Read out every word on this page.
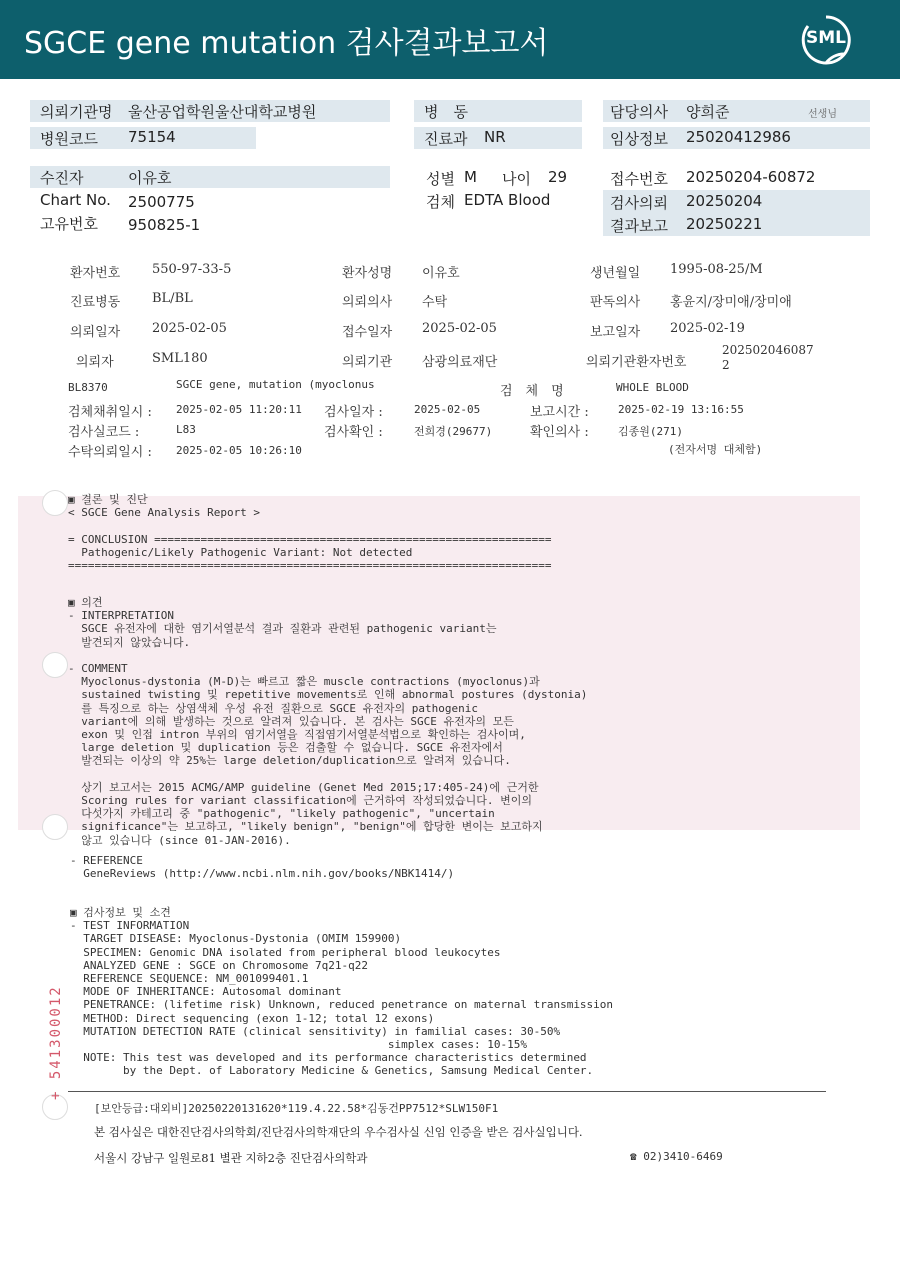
SGCE gene mutation 검사결과보고서	SML
의뢰기관명 울산공업학원울산대학교병원
병원코드 75154
병　동
진료과 NR
담당의사 양희준	선생님
임상정보 25020412986
수진자	이유호
Chart No. 2500775
고유번호 950825-1
성별 M 나이 29
검체 EDTA Blood
접수번호 20250204-60872
검사의뢰 20250204
결과보고 20250221
환자번호 550-97-33-5	환자성명 이유호	생년월일 1995-08-25/M
진료병동 BL/BL	의뢰의사 수탁	판독의사 홍윤지/장미애/장미애
의뢰일자 2025-02-05	접수일자 2025-02-05	보고일자 2025-02-19
의뢰자	SML180	의뢰기관 삼광의료재단	의뢰기관환자번호
202502046087
2
BL8370	SGCE gene, mutation (myoclonus	검　체　명	WHOLE BLOOD
검체채취일시 : 2025-02-05 11:20:11 검사일자 :	2025-02-05	보고시간 :	2025-02-19 13:16:55
검사실코드 :	L83	검사확인 :	전희경(29677)	확인의사 :	김종원(271)
수탁의뢰일시 : 2025-02-05 10:26:10	(전자서명 대체함)
▣ 결론 및 진단
< SGCE Gene Analysis Report >

= CONCLUSION ============================================================
Pathogenic/Likely Pathogenic Variant: Not detected
=========================================================================
▣ 의견
- INTERPRETATION
SGCE 유전자에 대한 염기서열분석 결과 질환과 관련된 pathogenic variant는
발견되지 않았습니다.

- COMMENT
Myoclonus-dystonia (M-D)는 빠르고 짧은 muscle contractions (myoclonus)과
sustained twisting 및 repetitive movements로 인해 abnormal postures (dystonia)
를 특징으로 하는 상염색체 우성 유전 질환으로 SGCE 유전자의 pathogenic
variant에 의해 발생하는 것으로 알려져 있습니다. 본 검사는 SGCE 유전자의 모든
exon 및 인접 intron 부위의 염기서열을 직접염기서열분석법으로 확인하는 검사이며,
large deletion 및 duplication 등은 검출할 수 없습니다. SGCE 유전자에서
발견되는 이상의 약 25%는 large deletion/duplication으로 알려져 있습니다.

상기 보고서는 2015 ACMG/AMP guideline (Genet Med 2015;17:405-24)에 근거한
Scoring rules for variant classification에 근거하여 작성되었습니다. 변이의
다섯가지 카테고리 중 "pathogenic", "likely pathogenic", "uncertain
significance"는 보고하고, "likely benign", "benign"에 합당한 변이는 보고하지
않고 있습니다 (since 01-JAN-2016).
- REFERENCE
GeneReviews (http://www.ncbi.nlm.nih.gov/books/NBK1414/)
▣ 검사정보 및 소견
- TEST INFORMATION
TARGET DISEASE: Myoclonus-Dystonia (OMIM 159900)
SPECIMEN: Genomic DNA isolated from peripheral blood leukocytes
ANALYZED GENE : SGCE on Chromosome 7q21-q22
REFERENCE SEQUENCE: NM_001099401.1
MODE OF INHERITANCE: Autosomal dominant
PENETRANCE: (lifetime risk) Unknown, reduced penetrance on maternal transmission
METHOD: Direct sequencing (exon 1-12; total 12 exons)
MUTATION DETECTION RATE (clinical sensitivity) in familial cases: 30-50%
simplex cases: 10-15%
NOTE: This test was developed and its performance characteristics determined
by the Dept. of Laboratory Medicine & Genetics, Samsung Medical Center.
+ 541300012
[보안등급:대외비]20250220131620*119.4.22.58*김동건PP7512*SLW150F1
본 검사실은 대한진단검사의학회/진단검사의학재단의 우수검사실 신임 인증을 받은 검사실입니다.
서울시 강남구 일원로81 별관 지하2층 진단검사의학과	☎ 02)3410-6469
